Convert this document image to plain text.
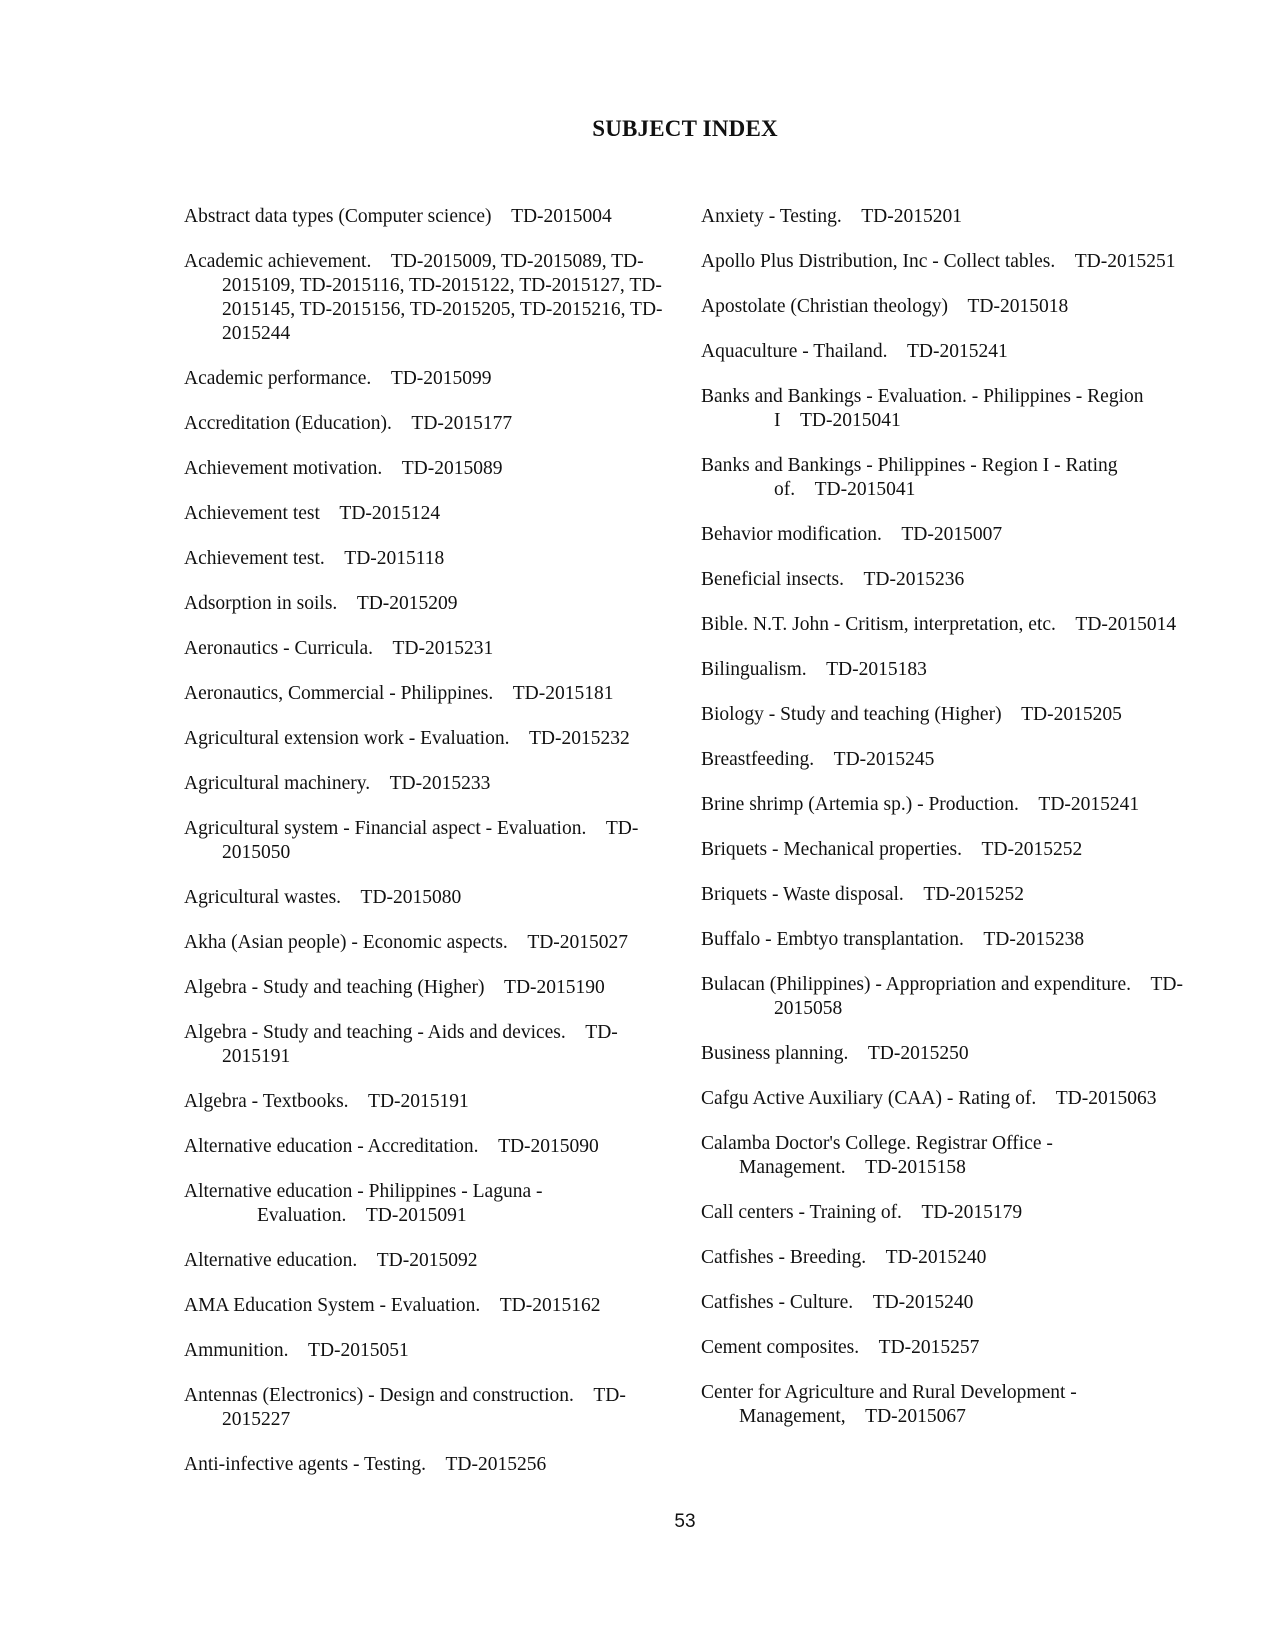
SUBJECT INDEX
Abstract data types (Computer science) TD-2015004
Academic achievement. TD-2015009, TD-2015089, TD-2015109, TD-2015116, TD-2015122, TD-2015127, TD-2015145, TD-2015156, TD-2015205, TD-2015216, TD-2015244
Academic performance. TD-2015099
Accreditation (Education). TD-2015177
Achievement motivation. TD-2015089
Achievement test TD-2015124
Achievement test. TD-2015118
Adsorption in soils. TD-2015209
Aeronautics - Curricula. TD-2015231
Aeronautics, Commercial - Philippines. TD-2015181
Agricultural extension work - Evaluation. TD-2015232
Agricultural machinery. TD-2015233
Agricultural system - Financial aspect - Evaluation. TD-2015050
Agricultural wastes. TD-2015080
Akha (Asian people) - Economic aspects. TD-2015027
Algebra - Study and teaching (Higher) TD-2015190
Algebra - Study and teaching - Aids and devices. TD-2015191
Algebra - Textbooks. TD-2015191
Alternative education - Accreditation. TD-2015090
Alternative education - Philippines - Laguna - Evaluation. TD-2015091
Alternative education. TD-2015092
AMA Education System - Evaluation. TD-2015162
Ammunition. TD-2015051
Antennas (Electronics) - Design and construction. TD-2015227
Anti-infective agents - Testing. TD-2015256
Anxiety - Testing. TD-2015201
Apollo Plus Distribution, Inc - Collect tables. TD-2015251
Apostolate (Christian theology) TD-2015018
Aquaculture - Thailand. TD-2015241
Banks and Bankings - Evaluation. - Philippines - Region I TD-2015041
Banks and Bankings - Philippines - Region I - Rating of. TD-2015041
Behavior modification. TD-2015007
Beneficial insects. TD-2015236
Bible. N.T. John - Critism, interpretation, etc. TD-2015014
Bilingualism. TD-2015183
Biology - Study and teaching (Higher) TD-2015205
Breastfeeding. TD-2015245
Brine shrimp (Artemia sp.) - Production. TD-2015241
Briquets - Mechanical properties. TD-2015252
Briquets - Waste disposal. TD-2015252
Buffalo - Embtyo transplantation. TD-2015238
Bulacan (Philippines) - Appropriation and expenditure. TD-2015058
Business planning. TD-2015250
Cafgu Active Auxiliary (CAA) - Rating of. TD-2015063
Calamba Doctor's College. Registrar Office - Management. TD-2015158
Call centers - Training of. TD-2015179
Catfishes - Breeding. TD-2015240
Catfishes - Culture. TD-2015240
Cement composites. TD-2015257
Center for Agriculture and Rural Development - Management, TD-2015067
53
